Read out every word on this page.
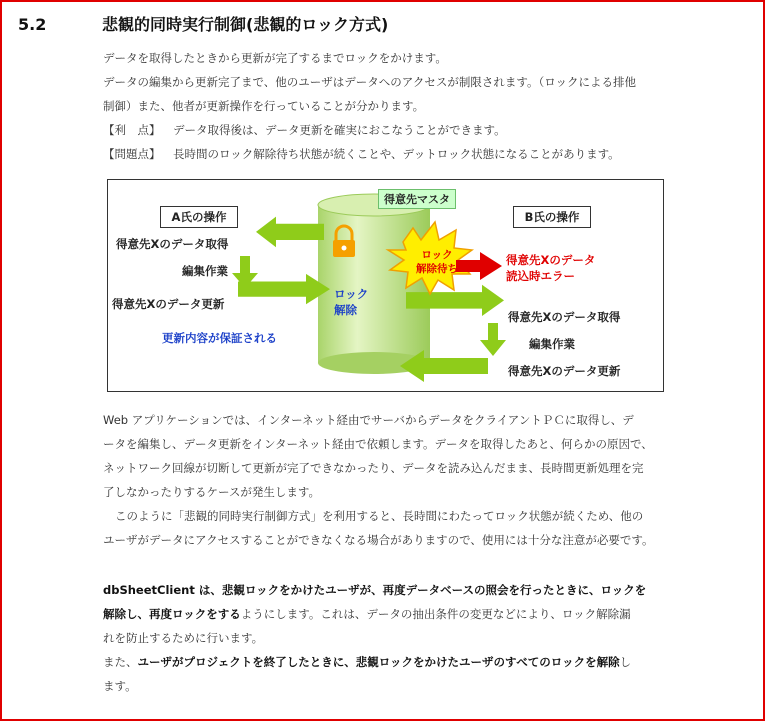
5.2	悲観的同時実行制御(悲観的ロック方式)

データを取得したときから更新が完了するまでロックをかけます。

データの編集から更新完了まで、他のユーザはデータへのアクセスが制限されます。（ロックによる排他

制御）また、他者が更新操作を行っていることが分かります。

【利　点】 データ取得後は、データ更新を確実におこなうことができます。

【問題点】 長時間のロック解除待ち状態が続くことや、デットロック状態になることがあります。

得意先マスタ
A氏の操作	B氏の操作
得意先Xのデータ取得
編集作業
得意先Xのデータ更新
更新内容が保証される
ロック
解除待ち
得意先Xのデータ
読込時エラー
ロック
解除	得意先Xのデータ取得
編集作業
得意先Xのデータ更新

Web アプリケーションでは、インターネット経由でサーバからデータをクライアントＰＣに取得し、デ

ータを編集し、データ更新をインターネット経由で依頼します。データを取得したあと、何らかの原因で、

ネットワーク回線が切断して更新が完了できなかったり、データを読み込んだまま、長時間更新処理を完

了しなかったりするケースが発生します。

このように「悲観的同時実行制御方式」を利用すると、長時間にわたってロック状態が続くため、他の

ユーザがデータにアクセスすることができなくなる場合がありますので、使用には十分な注意が必要です。

dbSheetClient は、悲観ロックをかけたユーザが、再度データベースの照会を行ったときに、ロックを

解除し、再度ロックをするようにします。これは、データの抽出条件の変更などにより、ロック解除漏

れを防止するために行います。

また、ユーザがプロジェクトを終了したときに、悲観ロックをかけたユーザのすべてのロックを解除し

ます。
